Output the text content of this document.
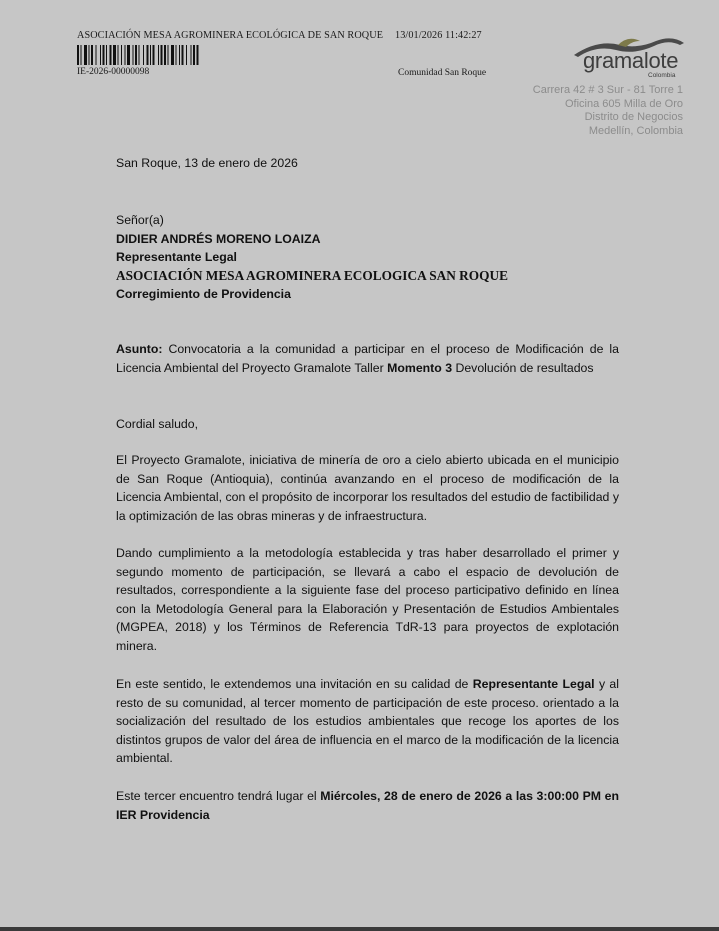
ASOCIACIÓN MESA AGROMINERA ECOLÓGICA DE SAN ROQUE 13/01/2026 11:42:27
IE-2026-00000098	Comunidad San Roque	gramalote
Colombia
Carrera 42 # 3 Sur - 81 Torre 1
Oficina 605 Milla de Oro
Distrito de Negocios
Medellín, Colombia
San Roque, 13 de enero de 2026
Señor(a)
DIDIER ANDRÉS MORENO LOAIZA
Representante Legal
ASOCIACIÓN MESA AGROMINERA ECOLOGICA SAN ROQUE
Corregimiento de Providencia

Asunto: Convocatoria a la comunidad a participar en el proceso de Modificación de la Licencia Ambiental del Proyecto Gramalote Taller Momento 3 Devolución de resultados

Cordial saludo,

El Proyecto Gramalote, iniciativa de minería de oro a cielo abierto ubicada en el municipio de San Roque (Antioquia), continúa avanzando en el proceso de modificación de la Licencia Ambiental, con el propósito de incorporar los resultados del estudio de factibilidad y la optimización de las obras mineras y de infraestructura.

Dando cumplimiento a la metodología establecida y tras haber desarrollado el primer y segundo momento de participación, se llevará a cabo el espacio de devolución de resultados, correspondiente a la siguiente fase del proceso participativo definido en línea con la Metodología General para la Elaboración y Presentación de Estudios Ambientales (MGPEA, 2018) y los Términos de Referencia TdR-13 para proyectos de explotación minera.

En este sentido, le extendemos una invitación en su calidad de Representante Legal y al resto de su comunidad, al tercer momento de participación de este proceso. orientado a la socialización del resultado de los estudios ambientales que recoge los aportes de los distintos grupos de valor del área de influencia en el marco de la modificación de la licencia ambiental.

Este tercer encuentro tendrá lugar el Miércoles, 28 de enero de 2026 a las 3:00:00 PM en IER Providencia
